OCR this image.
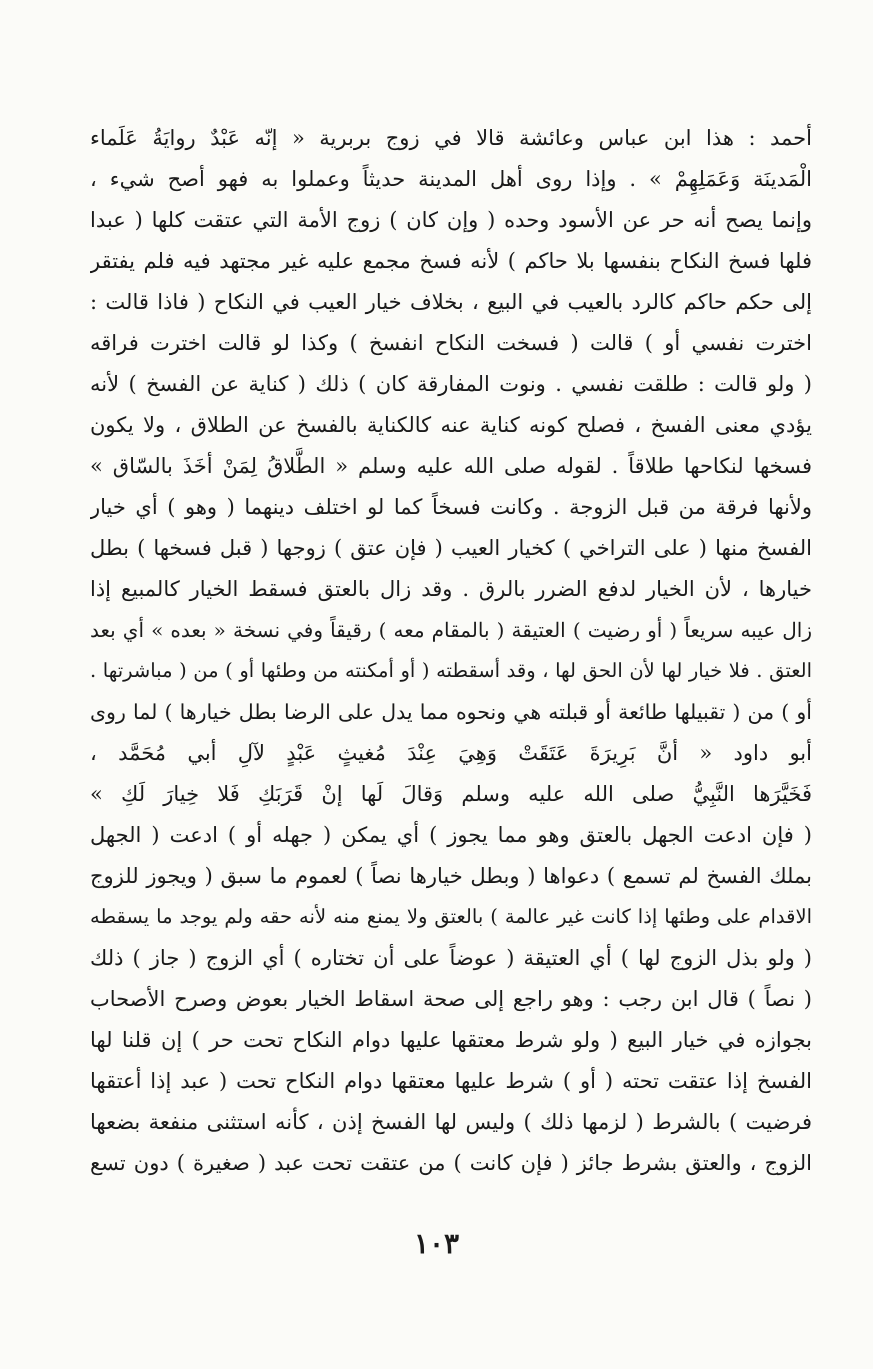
أحمد : هذا ابن عباس وعائشة قالا في زوج بربرية « إنّه عَبْدٌ روايَةُ عَلَماء
الْمَدينَة وَعَمَلِهِمْ » . وإذا روى أهل المدينة حديثاً وعملوا به فهو أصح شيء ،
وإنما يصح أنه حر عن الأسود وحده ( وإن كان ) زوج الأمة التي عتقت كلها ( عبدا
فلها فسخ النكاح بنفسها بلا حاكم ) لأنه فسخ مجمع عليه غير مجتهد فيه فلم يفتقر
إلى حكم حاكم كالرد بالعيب في البيع ، بخلاف خيار العيب في النكاح ( فاذا قالت :
اخترت نفسي أو ) قالت ( فسخت النكاح انفسخ ) وكذا لو قالت اخترت فراقه
( ولو قالت : طلقت نفسي . ونوت المفارقة كان ) ذلك ( كناية عن الفسخ ) لأنه
يؤدي معنى الفسخ ، فصلح كونه كناية عنه كالكناية بالفسخ عن الطلاق ، ولا يكون
فسخها لنكاحها طلاقاً . لقوله صلى الله عليه وسلم « الطَّلاقُ لِمَنْ أخَذَ بالسّاق »
ولأنها فرقة من قبل الزوجة . وكانت فسخاً كما لو اختلف دينهما ( وهو ) أي خيار
الفسخ منها ( على التراخي ) كخيار العيب ( فإن عتق ) زوجها ( قبل فسخها ) بطل
خيارها ، لأن الخيار لدفع الضرر بالرق . وقد زال بالعتق فسقط الخيار كالمبيع إذا
زال عيبه سريعاً ( أو رضيت ) العتيقة ( بالمقام معه ) رقيقاً وفي نسخة « بعده » أي بعد
العتق . فلا خيار لها لأن الحق لها ، وقد أسقطته ( أو أمكنته من وطئها أو ) من ( مباشرتها .
أو ) من ( تقبيلها طائعة أو قبلته هي ونحوه مما يدل على الرضا بطل خيارها ) لما روى
أبو داود « أنَّ بَرِيرَةَ عَتَقَتْ وَهِيَ عِنْدَ مُغيثٍ عَبْدٍ لآلِ أبي مُحَمَّد ،
فَخَيَّرَها النَّبِيُّ صلى الله عليه وسلم وَقالَ لَها إنْ قَرَبَكِ فَلا خِيارَ لَكِ »
( فإن ادعت الجهل بالعتق وهو مما يجوز ) أي يمكن ( جهله أو ) ادعت ( الجهل
بملك الفسخ لم تسمع ) دعواها ( وبطل خيارها نصاً ) لعموم ما سبق ( ويجوز للزوج
الاقدام على وطئها إذا كانت غير عالمة ) بالعتق ولا يمنع منه لأنه حقه ولم يوجد ما يسقطه
( ولو بذل الزوج لها ) أي العتيقة ( عوضاً على أن تختاره ) أي الزوج ( جاز ) ذلك
( نصاً ) قال ابن رجب : وهو راجع إلى صحة اسقاط الخيار بعوض وصرح الأصحاب
بجوازه في خيار البيع ( ولو شرط معتقها عليها دوام النكاح تحت حر ) إن قلنا لها
الفسخ إذا عتقت تحته ( أو ) شرط عليها معتقها دوام النكاح تحت ( عبد إذا أعتقها
فرضيت ) بالشرط ( لزمها ذلك ) وليس لها الفسخ إذن ، كأنه استثنى منفعة بضعها
الزوج ، والعتق بشرط جائز ( فإن كانت ) من عتقت تحت عبد ( صغيرة ) دون تسع
١٠٣
